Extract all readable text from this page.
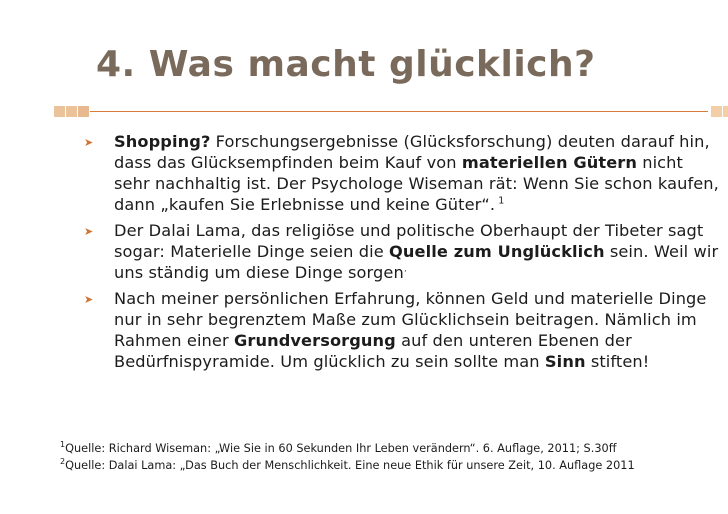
4. Was macht glücklich?
➤ Shopping? Forschungsergebnisse (Glücksforschung) deuten darauf hin, dass das Glücksempfinden beim Kauf von materiellen Gütern nicht sehr nachhaltig ist. Der Psychologe Wiseman rät: Wenn Sie schon kaufen, dann „kaufen Sie Erlebnisse und keine Güter“. $^1$
➤ Der Dalai Lama, das religiöse und politische Oberhaupt der Tibeter sagt sogar: Materielle Dinge seien die Quelle zum Unglücklich sein. Weil wir uns ständig um diese Dinge sorgen.
➤ Nach meiner persönlichen Erfahrung, können Geld und materielle Dinge nur in sehr begrenztem Maße zum Glücklichsein beitragen. Nämlich im Rahmen einer Grundversorgung auf den unteren Ebenen der Bedürfnispyramide. Um glücklich zu sein sollte man Sinn stiften!
$^1$Quelle: Richard Wiseman: „Wie Sie in 60 Sekunden Ihr Leben verändern“. 6. Auflage, 2011; S.30ff
$^2$Quelle: Dalai Lama: „Das Buch der Menschlichkeit. Eine neue Ethik für unsere Zeit, 10. Auflage 2011
